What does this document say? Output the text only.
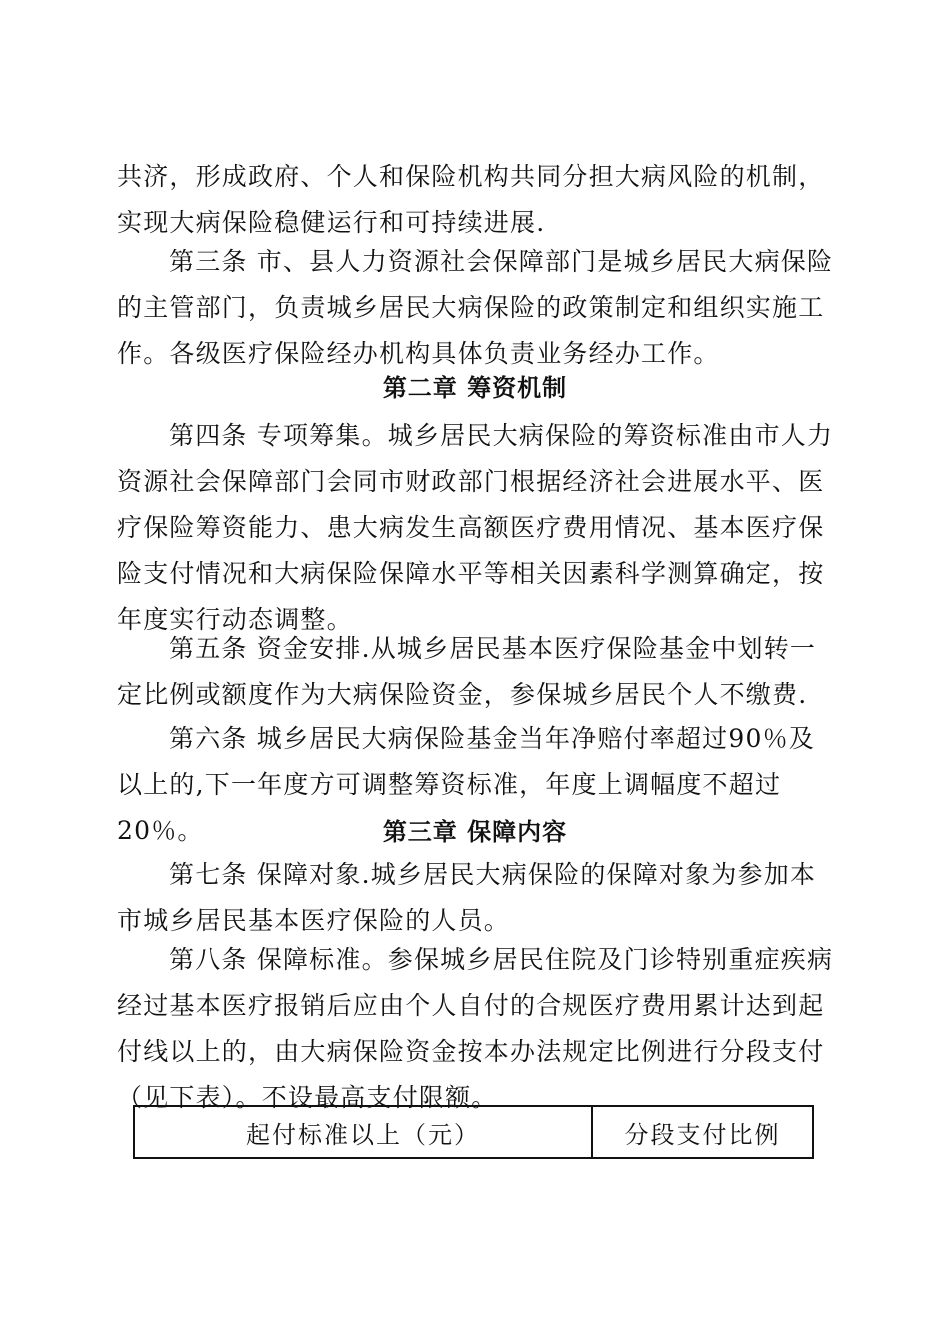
共济，形成政府、个人和保险机构共同分担大病风险的机制，实现大病保险稳健运行和可持续进展.

第三条 市、县人力资源社会保障部门是城乡居民大病保险的主管部门，负责城乡居民大病保险的政策制定和组织实施工作。各级医疗保险经办机构具体负责业务经办工作。

第二章 筹资机制

第四条 专项筹集。城乡居民大病保险的筹资标准由市人力资源社会保障部门会同市财政部门根据经济社会进展水平、医疗保险筹资能力、患大病发生高额医疗费用情况、基本医疗保险支付情况和大病保险保障水平等相关因素科学测算确定，按年度实行动态调整。

第五条 资金安排.从城乡居民基本医疗保险基金中划转一定比例或额度作为大病保险资金，参保城乡居民个人不缴费.

第六条 城乡居民大病保险基金当年净赔付率超过90％及以上的,下一年度方可调整筹资标准，年度上调幅度不超过20％。	第三章 保障内容

第七条 保障对象.城乡居民大病保险的保障对象为参加本市城乡居民基本医疗保险的人员。

第八条 保障标准。参保城乡居民住院及门诊特别重症疾病经过基本医疗报销后应由个人自付的合规医疗费用累计达到起付线以上的，由大病保险资金按本办法规定比例进行分段支付（见下表）。不设最高支付限额。

起付标准以上（元）	分段支付比例
